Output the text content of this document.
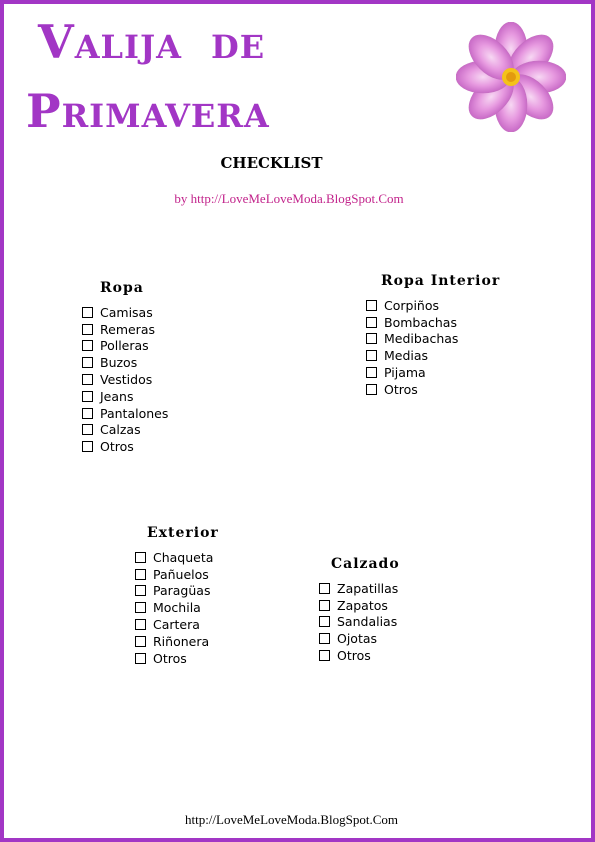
Valija de
Primavera
CHECKLIST
by http://LoveMeLoveModa.BlogSpot.Com
Ropa
Camisas
Remeras
Polleras
Buzos
Vestidos
Jeans
Pantalones
Calzas
Otros
Ropa Interior
Corpiños
Bombachas
Medibachas
Medias
Pijama
Otros
Exterior
Chaqueta
Pañuelos
Paragüas
Mochila
Cartera
Riñonera
Otros
Calzado
Zapatillas
Zapatos
Sandalias
Ojotas
Otros
http://LoveMeLoveModa.BlogSpot.Com
